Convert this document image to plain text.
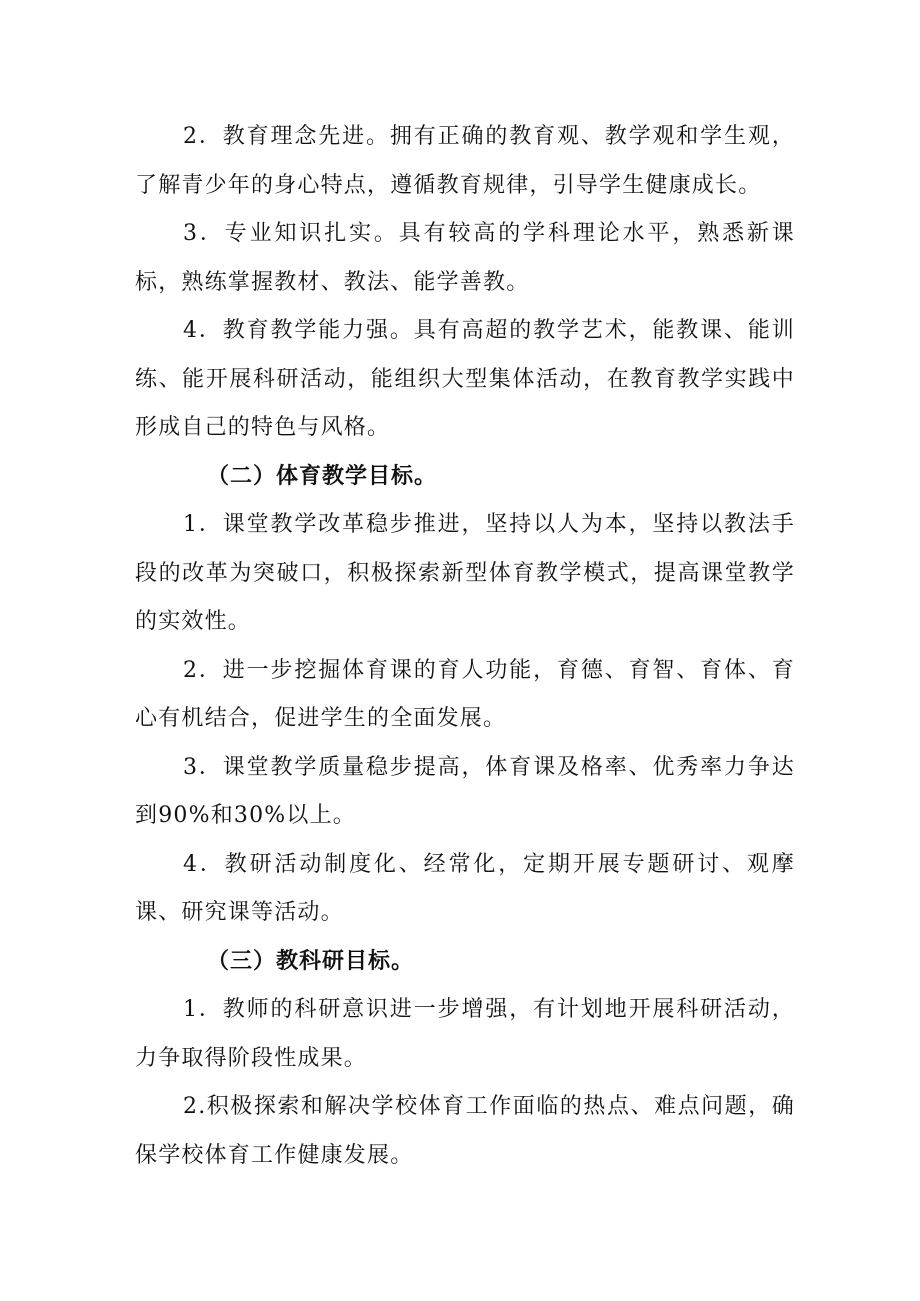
2．教育理念先进。拥有正确的教育观、教学观和学生观，了解青少年的身心特点，遵循教育规律，引导学生健康成长。

3．专业知识扎实。具有较高的学科理论水平，熟悉新课标，熟练掌握教材、教法、能学善教。

4．教育教学能力强。具有高超的教学艺术，能教课、能训练、能开展科研活动，能组织大型集体活动，在教育教学实践中形成自己的特色与风格。

（二）体育教学目标。

1．课堂教学改革稳步推进，坚持以人为本，坚持以教法手段的改革为突破口，积极探索新型体育教学模式，提高课堂教学的实效性。

2．进一步挖掘体育课的育人功能，育德、育智、育体、育心有机结合，促进学生的全面发展。

3．课堂教学质量稳步提高，体育课及格率、优秀率力争达到90%和30%以上。

4．教研活动制度化、经常化，定期开展专题研讨、观摩课、研究课等活动。

（三）教科研目标。

1．教师的科研意识进一步增强，有计划地开展科研活动，力争取得阶段性成果。

2.积极探索和解决学校体育工作面临的热点、难点问题，确保学校体育工作健康发展。
